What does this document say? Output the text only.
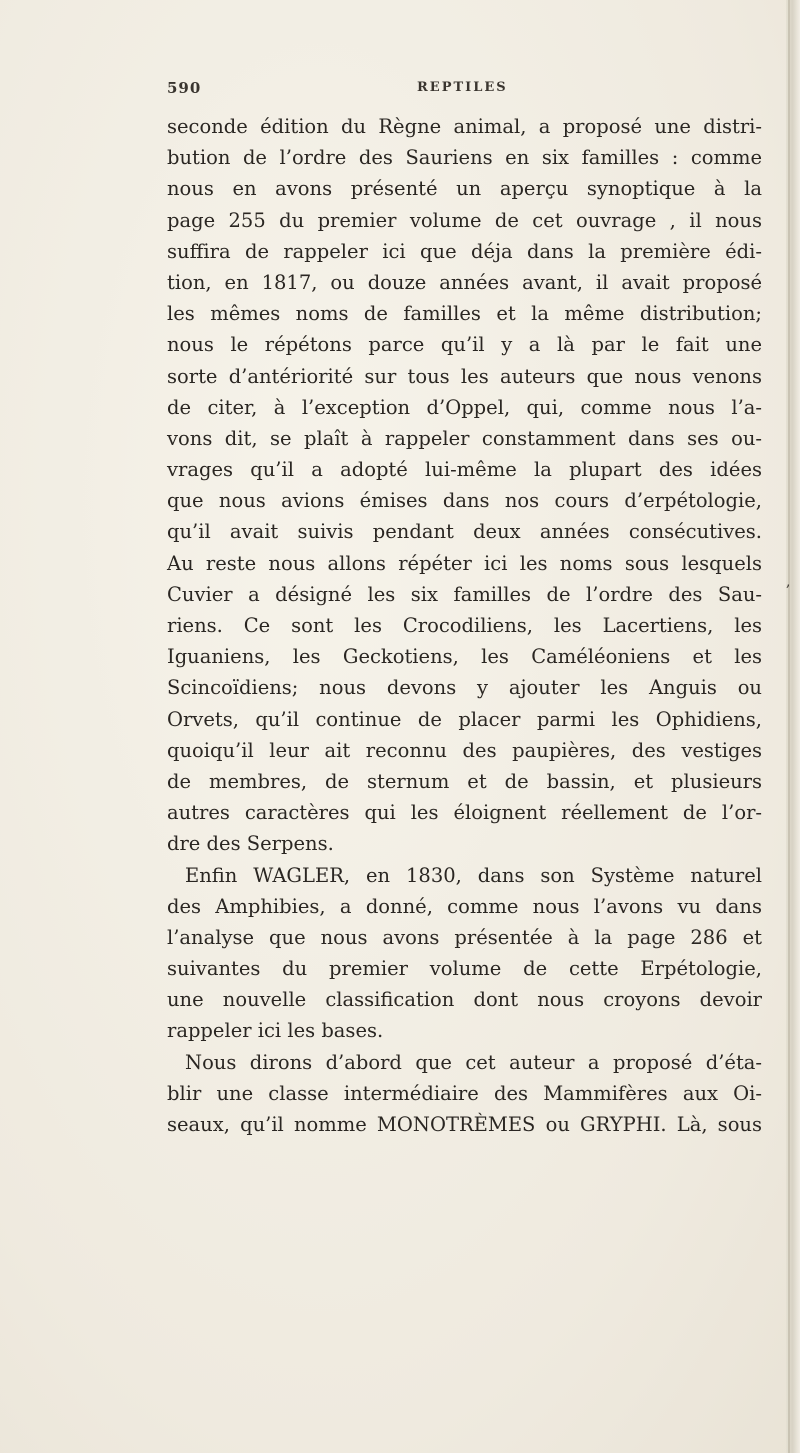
590	REPTILES
seconde édition du Règne animal, a proposé une distri-
bution de l’ordre des Sauriens en six familles : comme
nous en avons présenté un aperçu synoptique à la
page 255 du premier volume de cet ouvrage , il nous
suffira de rappeler ici que déja dans la première édi-
tion, en 1817, ou douze années avant, il avait proposé
les mêmes noms de familles et la même distribution;
nous le répétons parce qu’il y a là par le fait une
sorte d’antériorité sur tous les auteurs que nous venons
de citer, à l’exception d’Oppel, qui, comme nous l’a-
vons dit, se plaît à rappeler constamment dans ses ou-
vrages qu’il a adopté lui-même la plupart des idées
que nous avions émises dans nos cours d’erpétologie,
qu’il avait suivis pendant deux années consécutives.
Au reste nous allons répéter ici les noms sous lesquels
Cuvier a désigné les six familles de l’ordre des Sau-
riens. Ce sont les Crocodiliens, les Lacertiens, les
Iguaniens, les Geckotiens, les Caméléoniens et les
Scincoïdiens; nous devons y ajouter les Anguis ou
Orvets, qu’il continue de placer parmi les Ophidiens,
quoiqu’il leur ait reconnu des paupières, des vestiges
de membres, de sternum et de bassin, et plusieurs
autres caractères qui les éloignent réellement de l’or-
dre des Serpens.
Enfin WAGLER, en 1830, dans son Système naturel
des Amphibies, a donné, comme nous l’avons vu dans
l’analyse que nous avons présentée à la page 286 et
suivantes du premier volume de cette Erpétologie,
une nouvelle classification dont nous croyons devoir
rappeler ici les bases.
Nous dirons d’abord que cet auteur a proposé d’éta-
blir une classe intermédiaire des Mammifères aux Oi-
seaux, qu’il nomme MONOTRÈMES ou GRYPHI. Là, sous
,
